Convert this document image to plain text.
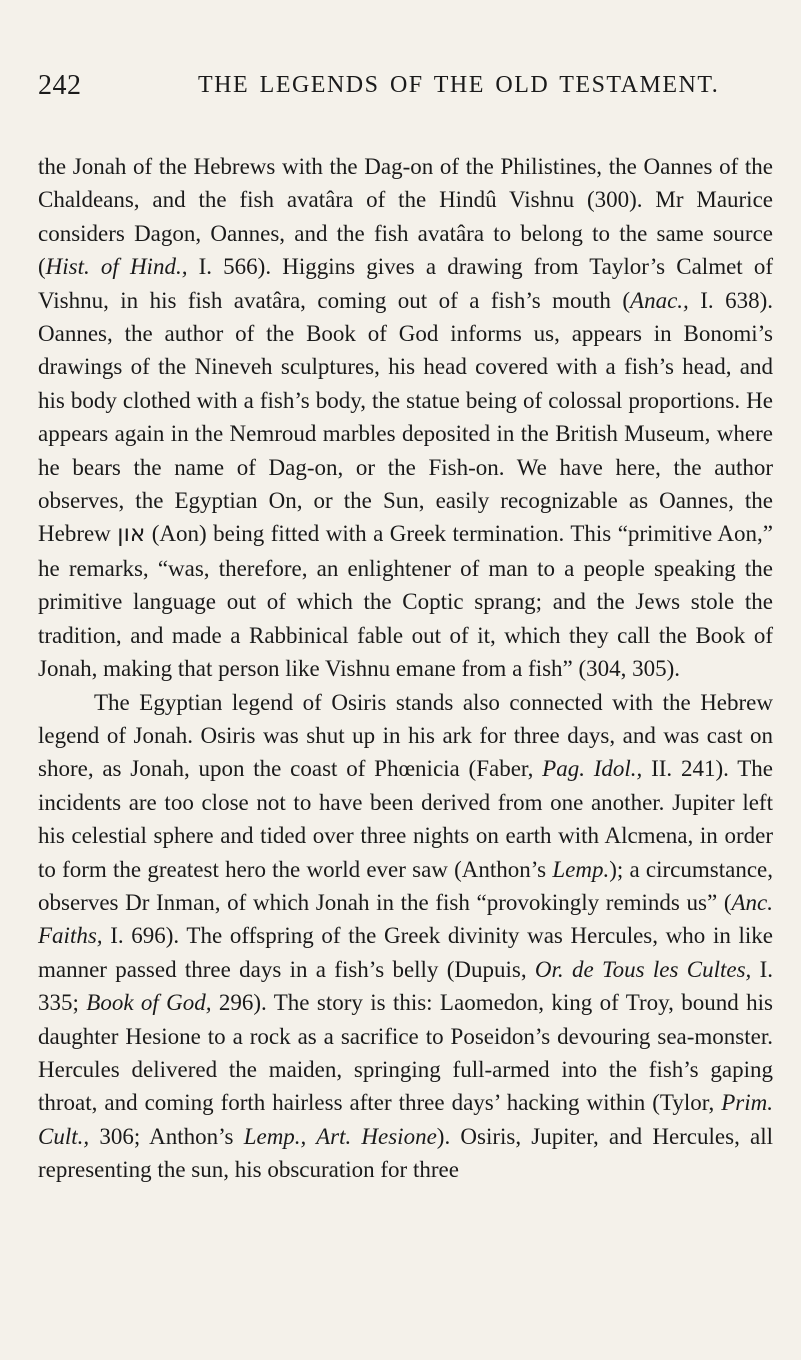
242	THE LEGENDS OF THE OLD TESTAMENT.

the Jonah of the Hebrews with the Dag-on of the Philistines, the Oannes of the Chaldeans, and the fish avatâra of the Hindû Vishnu (300). Mr Maurice considers Dagon, Oannes, and the fish avatâra to belong to the same source (Hist. of Hind., I. 566). Higgins gives a drawing from Taylor’s Calmet of Vishnu, in his fish avatâra, coming out of a fish’s mouth (Anac., I. 638). Oannes, the author of the Book of God informs us, appears in Bonomi’s drawings of the Nineveh sculptures, his head covered with a fish’s head, and his body clothed with a fish’s body, the statue being of colossal proportions. He appears again in the Nemroud marbles deposited in the British Museum, where he bears the name of Dag-on, or the Fish-on. We have here, the author observes, the Egyptian On, or the Sun, easily recognizable as Oannes, the Hebrew און (Aon) being fitted with a Greek termination. This “primitive Aon,” he remarks, “was, therefore, an enlightener of man to a people speaking the primitive language out of which the Coptic sprang; and the Jews stole the tradition, and made a Rabbinical fable out of it, which they call the Book of Jonah, making that person like Vishnu emane from a fish” (304, 305).

The Egyptian legend of Osiris stands also connected with the Hebrew legend of Jonah. Osiris was shut up in his ark for three days, and was cast on shore, as Jonah, upon the coast of Phœnicia (Faber, Pag. Idol., II. 241). The incidents are too close not to have been derived from one another. Jupiter left his celestial sphere and tided over three nights on earth with Alcmena, in order to form the greatest hero the world ever saw (Anthon’s Lemp.); a circumstance, observes Dr Inman, of which Jonah in the fish “provokingly reminds us” (Anc. Faiths, I. 696). The offspring of the Greek divinity was Hercules, who in like manner passed three days in a fish’s belly (Dupuis, Or. de Tous les Cultes, I. 335; Book of God, 296). The story is this: Laomedon, king of Troy, bound his daughter Hesione to a rock as a sacrifice to Poseidon’s devouring sea-monster. Hercules delivered the maiden, springing full-armed into the fish’s gaping throat, and coming forth hairless after three days’ hacking within (Tylor, Prim. Cult., 306; Anthon’s Lemp., Art. Hesione). Osiris, Jupiter, and Hercules, all representing the sun, his obscuration for three
